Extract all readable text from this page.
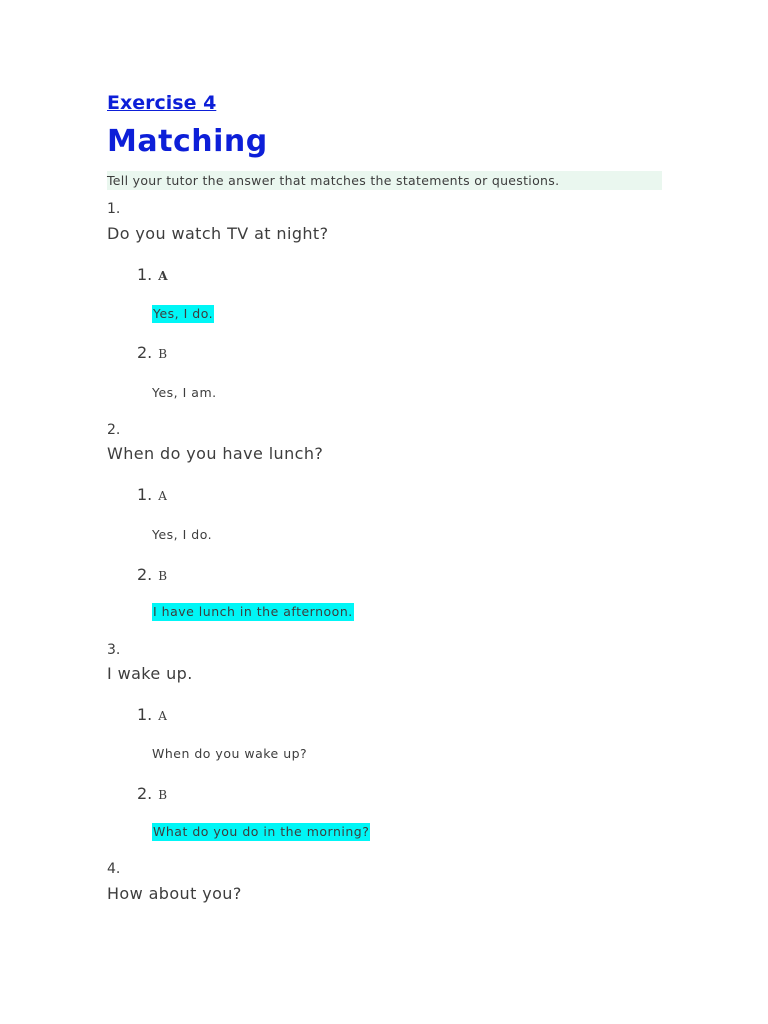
Exercise 4
Matching
Tell your tutor the answer that matches the statements or questions.
1.
Do you watch TV at night?
1. A
Yes, I do.
2. B
Yes, I am.
2.
When do you have lunch?
1. A
Yes, I do.
2. B
I have lunch in the afternoon.
3.
I wake up.
1. A
When do you wake up?
2. B
What do you do in the morning?
4.
How about you?
